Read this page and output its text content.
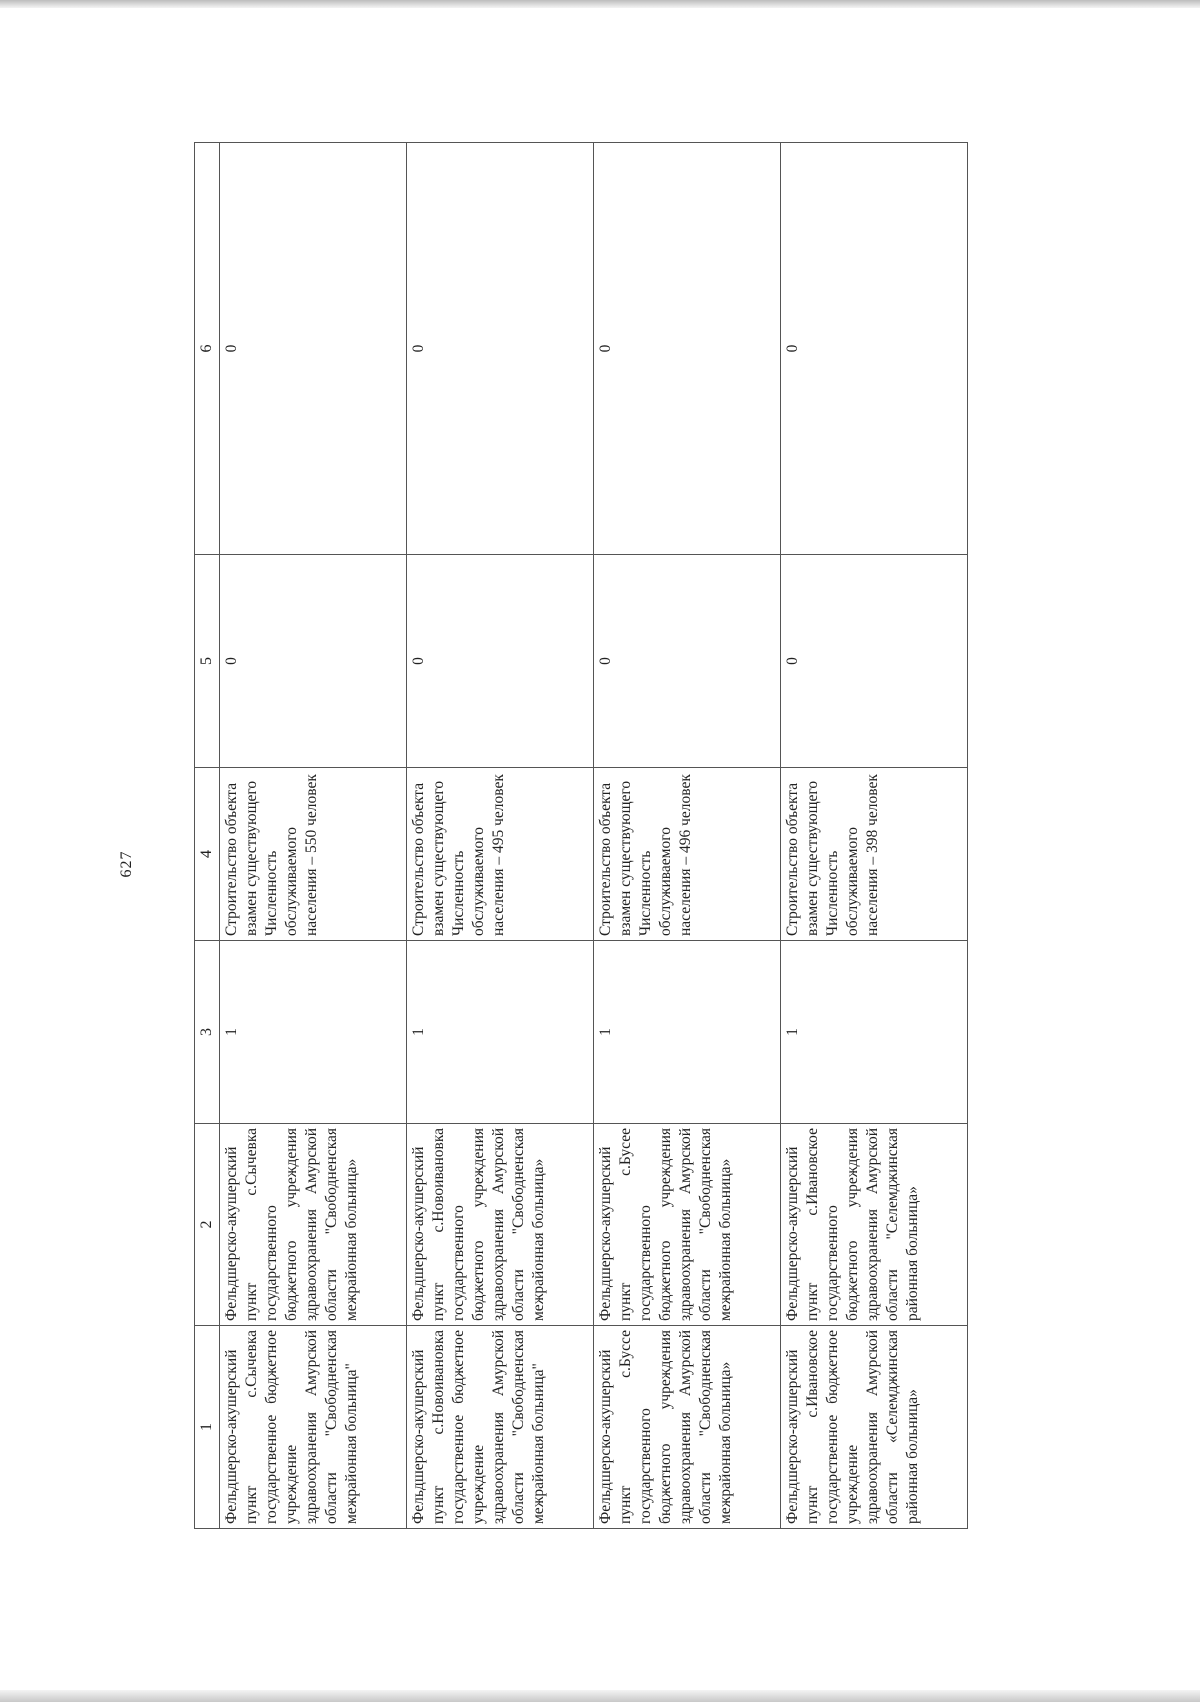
627
1	2	3	4	5	6
Фельдшерско-акушерский пункт с.Сычевка государственное бюджетное учреждение здравоохранения Амурской области "Свободненская межрайонная больница"	Фельдшерско-акушерский пункт с.Сычевка государственного бюджетного учреждения здравоохранения Амурской области "Свободненская межрайонная больница»	1	Строительство объекта взамен существующего Численность обслуживаемого населения – 550 человек	0	0
Фельдшерско-акушерский пункт с.Новоивановка государственное бюджетное учреждение здравоохранения Амурской области "Свободненская межрайонная больница"	Фельдшерско-акушерский пункт с.Новоивановка государственного бюджетного учреждения здравоохранения Амурской области "Свободненская межрайонная больница»	1	Строительство объекта взамен существующего Численность обслуживаемого населения – 495 человек	0	0
Фельдшерско-акушерский пункт с.Буссе государственного бюджетного учреждения здравоохранения Амурской области "Свободненская межрайонная больница»	Фельдшерско-акушерский пункт с.Бусее государственного бюджетного учреждения здравоохранения Амурской области "Свободненская межрайонная больница»	1	Строительство объекта взамен существующего Численность обслуживаемого населения – 496 человек	0	0
Фельдшерско-акушерский пункт с.Ивановское государственное бюджетное учреждение здравоохранения Амурской области «Селемджинская районная больница»	Фельдшерско-акушерский пункт с.Ивановское государственного бюджетного учреждения здравоохранения Амурской области "Селемджинская районная больница»	1	Строительство объекта взамен существующего Численность обслуживаемого населения – 398 человек	0	0
